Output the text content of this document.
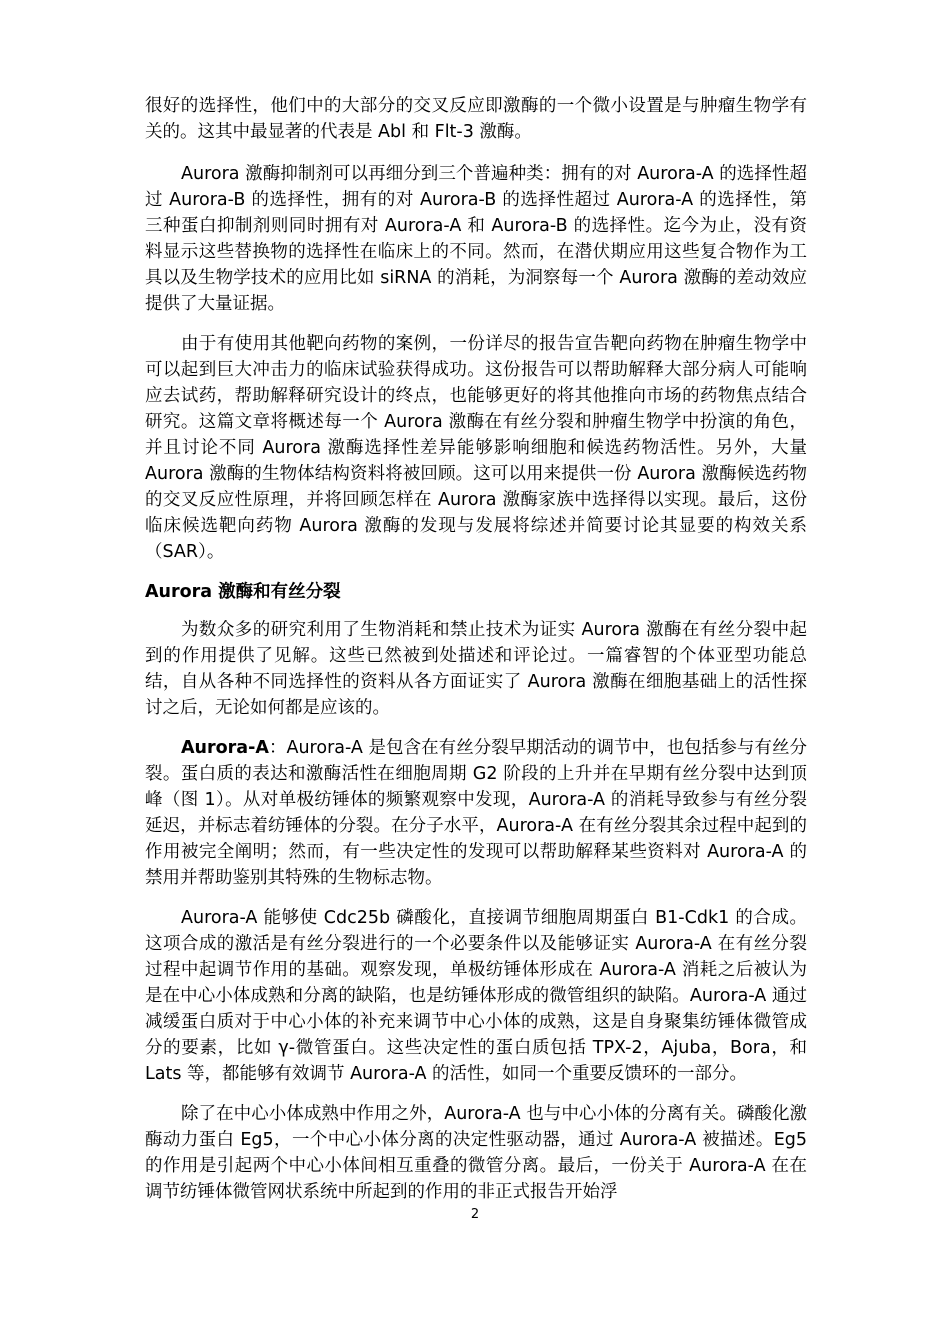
很好的选择性，他们中的大部分的交叉反应即激酶的一个微小设置是与肿瘤生物学有关的。这其中最显著的代表是 Abl 和 Flt-3 激酶。

Aurora 激酶抑制剂可以再细分到三个普遍种类：拥有的对 Aurora-A 的选择性超过 Aurora-B 的选择性，拥有的对 Aurora-B 的选择性超过 Aurora-A 的选择性，第三种蛋白抑制剂则同时拥有对 Aurora-A 和 Aurora-B 的选择性。迄今为止，没有资料显示这些替换物的选择性在临床上的不同。然而，在潜伏期应用这些复合物作为工具以及生物学技术的应用比如 siRNA 的消耗，为洞察每一个 Aurora 激酶的差动效应提供了大量证据。

由于有使用其他靶向药物的案例，一份详尽的报告宣告靶向药物在肿瘤生物学中可以起到巨大冲击力的临床试验获得成功。这份报告可以帮助解释大部分病人可能响应去试药，帮助解释研究设计的终点，也能够更好的将其他推向市场的药物焦点结合研究。这篇文章将概述每一个 Aurora 激酶在有丝分裂和肿瘤生物学中扮演的角色，并且讨论不同 Aurora 激酶选择性差异能够影响细胞和候选药物活性。另外，大量 Aurora 激酶的生物体结构资料将被回顾。这可以用来提供一份 Aurora 激酶候选药物的交叉反应性原理，并将回顾怎样在 Aurora 激酶家族中选择得以实现。最后，这份临床候选靶向药物 Aurora 激酶的发现与发展将综述并简要讨论其显要的构效关系（SAR）。

Aurora 激酶和有丝分裂

为数众多的研究利用了生物消耗和禁止技术为证实 Aurora 激酶在有丝分裂中起到的作用提供了见解。这些已然被到处描述和评论过。一篇睿智的个体亚型功能总结，自从各种不同选择性的资料从各方面证实了 Aurora 激酶在细胞基础上的活性探讨之后，无论如何都是应该的。

Aurora-A：Aurora-A 是包含在有丝分裂早期活动的调节中，也包括参与有丝分裂。蛋白质的表达和激酶活性在细胞周期 G2 阶段的上升并在早期有丝分裂中达到顶峰（图 1）。从对单极纺锤体的频繁观察中发现，Aurora-A 的消耗导致参与有丝分裂延迟，并标志着纺锤体的分裂。在分子水平，Aurora-A 在有丝分裂其余过程中起到的作用被完全阐明；然而，有一些决定性的发现可以帮助解释某些资料对 Aurora-A 的禁用并帮助鉴别其特殊的生物标志物。

Aurora-A 能够使 Cdc25b 磷酸化，直接调节细胞周期蛋白 B1-Cdk1 的合成。这项合成的激活是有丝分裂进行的一个必要条件以及能够证实 Aurora-A 在有丝分裂过程中起调节作用的基础。观察发现，单极纺锤体形成在 Aurora-A 消耗之后被认为是在中心小体成熟和分离的缺陷，也是纺锤体形成的微管组织的缺陷。Aurora-A 通过减缓蛋白质对于中心小体的补充来调节中心小体的成熟，这是自身聚集纺锤体微管成分的要素，比如 γ-微管蛋白。这些决定性的蛋白质包括 TPX-2，Ajuba，Bora，和 Lats 等，都能够有效调节 Aurora-A 的活性，如同一个重要反馈环的一部分。

除了在中心小体成熟中作用之外，Aurora-A 也与中心小体的分离有关。磷酸化激酶动力蛋白 Eg5，一个中心小体分离的决定性驱动器，通过 Aurora-A 被描述。Eg5 的作用是引起两个中心小体间相互重叠的微管分离。最后，一份关于 Aurora-A 在在调节纺锤体微管网状系统中所起到的作用的非正式报告开始浮

2
